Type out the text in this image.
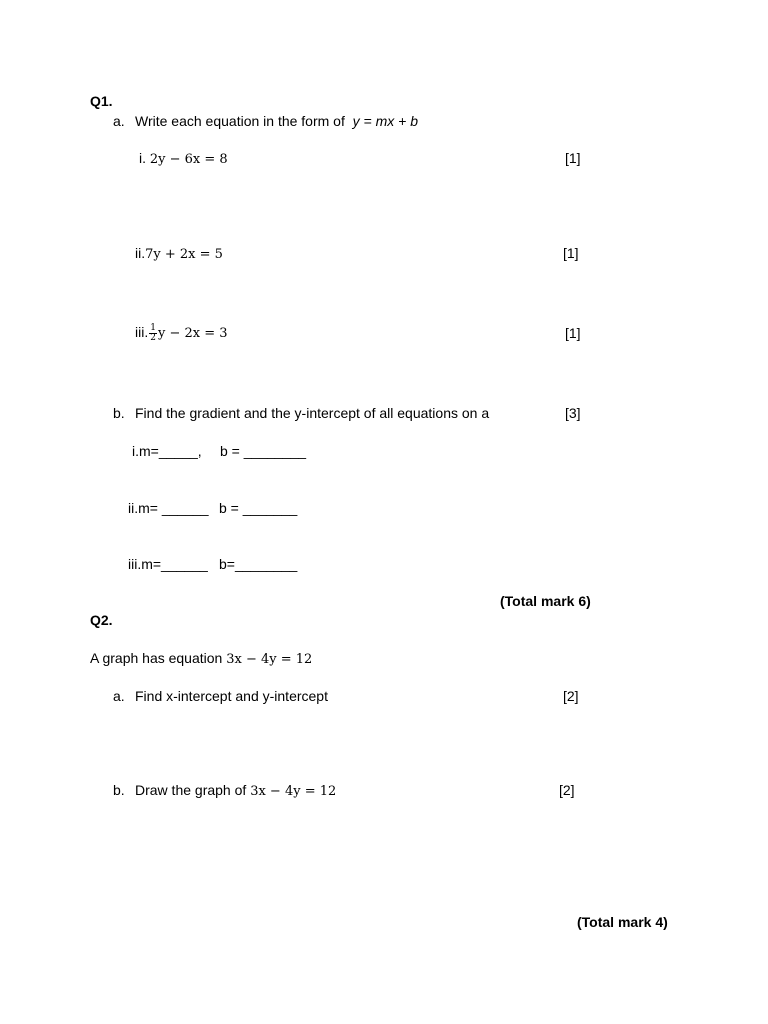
Q1.
a. Write each equation in the form of y = mx + b
i. 2y − 6x = 8	[1]
ii.7y + 2x = 5	[1]
iii. $\frac{1}{2}$ y − 2x = 3	[1]
b. Find the gradient and the y-intercept of all equations on a	[3]
i.m=_____, b = ________
ii.m= ______ b = _______
iii.m=______ b=________
(Total mark 6)
Q2.
A graph has equation 3x − 4y = 12
a. Find x-intercept and y-intercept	[2]
b. Draw the graph of 3x − 4y = 12	[2]
(Total mark 4)
